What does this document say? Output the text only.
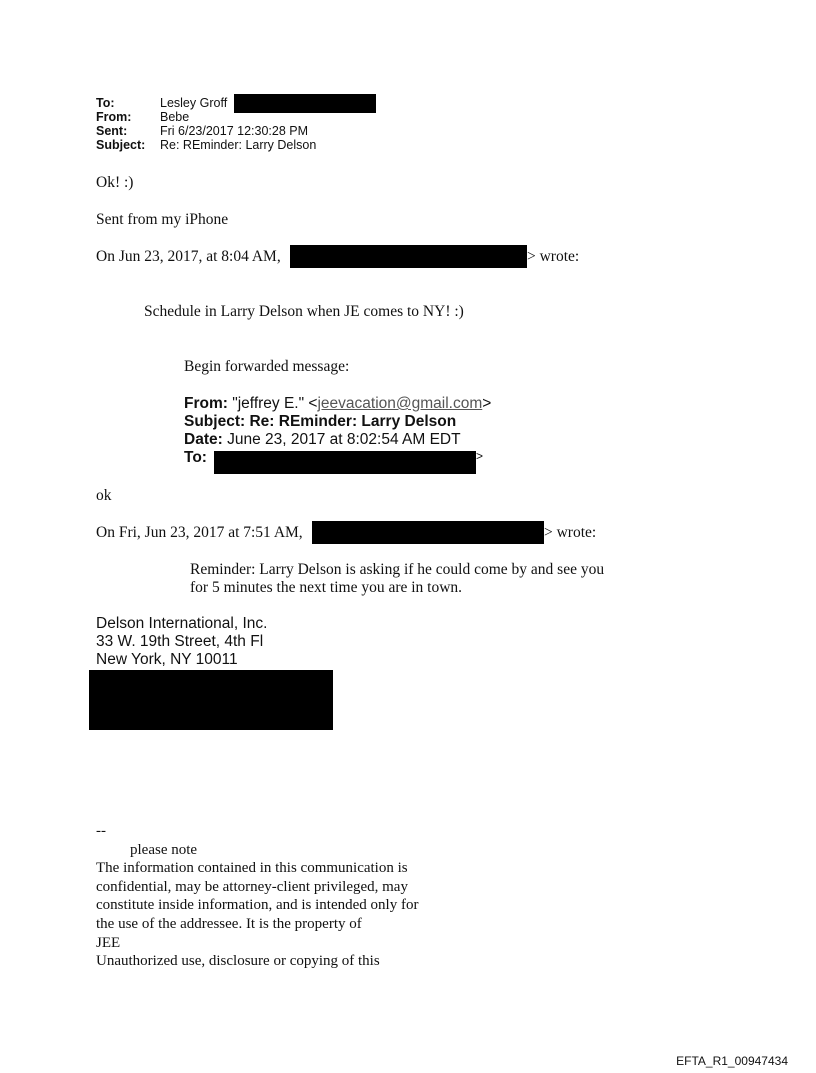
To:	Lesley Groff
From:	Bebe
Sent:	Fri 6/23/2017 12:30:28 PM
Subject:	Re: REminder: Larry Delson
Ok! :)
Sent from my iPhone
On Jun 23, 2017, at 8:04 AM,	> wrote:
Schedule in Larry Delson when JE comes to NY! :)
Begin forwarded message:
From: "jeffrey E." <jeevacation@gmail.com>
Subject: Re: REminder: Larry Delson
Date: June 23, 2017 at 8:02:54 AM EDT
To:	>
ok
On Fri, Jun 23, 2017 at 7:51 AM,	> wrote:
Reminder: Larry Delson is asking if he could come by and see you
for 5 minutes the next time you are in town.
Delson International, Inc.
33 W. 19th Street, 4th Fl
New York, NY 10011
--
please note
The information contained in this communication is
confidential, may be attorney-client privileged, may
constitute inside information, and is intended only for
the use of the addressee. It is the property of
JEE
Unauthorized use, disclosure or copying of this
EFTA_R1_00947434
